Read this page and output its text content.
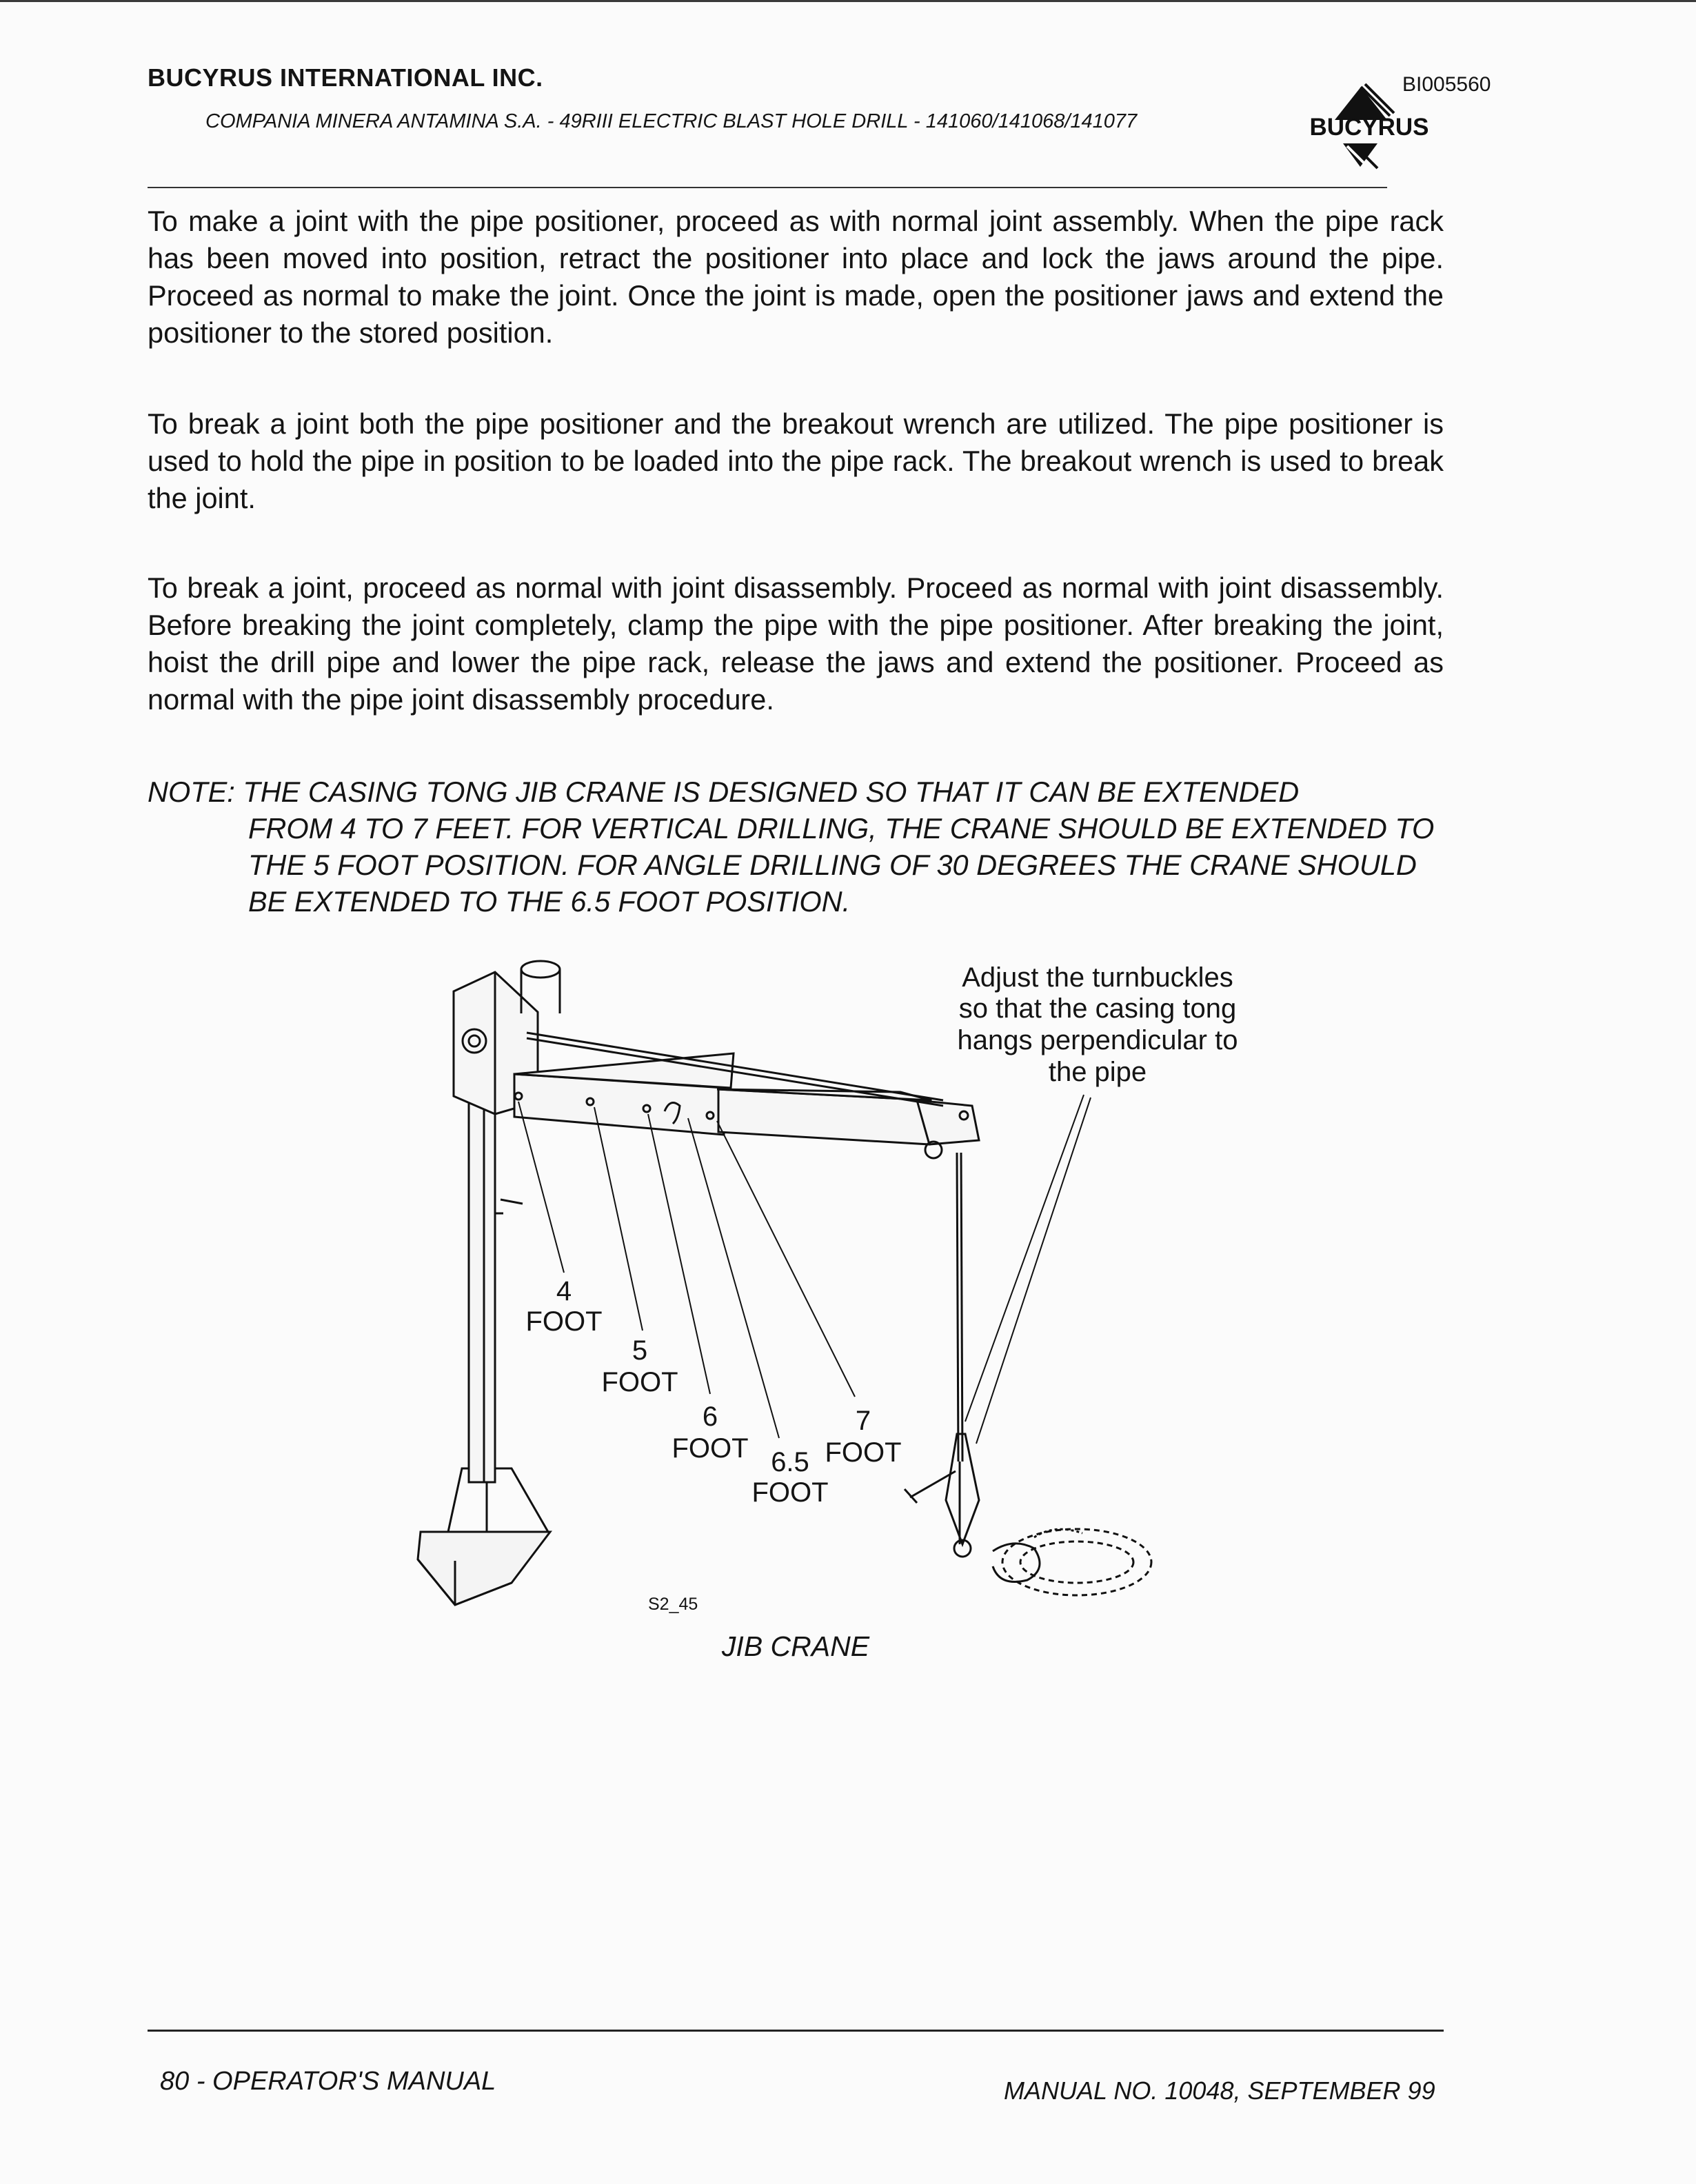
BUCYRUS INTERNATIONAL INC.
COMPANIA MINERA ANTAMINA S.A. - 49RIII ELECTRIC BLAST HOLE DRILL - 141060/141068/141077
BI005560
BUCYRUS

To make a joint with the pipe positioner, proceed as with normal joint assembly. When the pipe rack has been moved into position, retract the positioner into place and lock the jaws around the pipe. Proceed as normal to make the joint. Once the joint is made, open the positioner jaws and extend the positioner to the stored position.

To break a joint both the pipe positioner and the breakout wrench are utilized. The pipe positioner is used to hold the pipe in position to be loaded into the pipe rack. The breakout wrench is used to break the joint.

To break a joint, proceed as normal with joint disassembly. Proceed as normal with joint disassembly. Before breaking the joint completely, clamp the pipe with the pipe positioner. After breaking the joint, hoist the drill pipe and lower the pipe rack, release the jaws and extend the positioner. Proceed as normal with the pipe joint disassembly procedure.

NOTE: THE CASING TONG JIB CRANE IS DESIGNED SO THAT IT CAN BE EXTENDED
FROM 4 TO 7 FEET. FOR VERTICAL DRILLING, THE CRANE SHOULD BE EXTENDED TO THE 5 FOOT POSITION. FOR ANGLE DRILLING OF 30 DEGREES THE CRANE SHOULD BE EXTENDED TO THE 6.5 FOOT POSITION.
Adjust the turnbuckles
so that the casing tong
hangs perpendicular to
the pipe
4
FOOT
5
FOOT
6
FOOT 6.5
FOOT
7
FOOT
S2_45
JIB CRANE
80 - OPERATOR'S MANUAL	MANUAL NO. 10048, SEPTEMBER 99
